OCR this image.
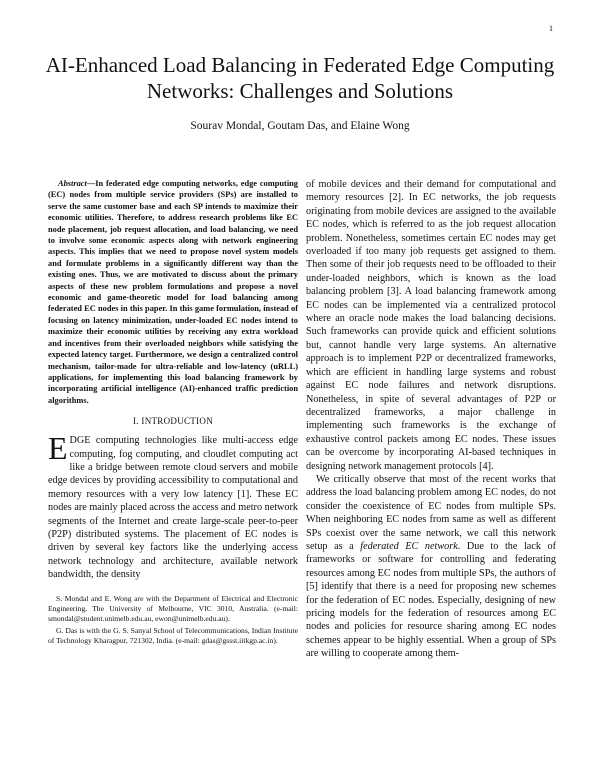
1
AI-Enhanced Load Balancing in Federated Edge Computing Networks: Challenges and Solutions
Sourav Mondal, Goutam Das, and Elaine Wong

Abstract—In federated edge computing networks, edge computing (EC) nodes from multiple service providers (SPs) are installed to serve the same customer base and each SP intends to maximize their economic utilities. Therefore, to address research problems like EC node placement, job request allocation, and load balancing, we need to involve some economic aspects along with network engineering aspects. This implies that we need to propose novel system models and formulate problems in a significantly different way than the existing ones. Thus, we are motivated to discuss about the primary aspects of these new problem formulations and propose a novel economic and game-theoretic model for load balancing among federated EC nodes in this paper. In this game formulation, instead of focusing on latency minimization, under-loaded EC nodes intend to maximize their economic utilities by receiving any extra workload and incentives from their overloaded neighbors while satisfying the expected latency target. Furthermore, we design a centralized control mechanism, tailor-made for ultra-reliable and low-latency (uRLL) applications, for implementing this load balancing framework by incorporating artificial intelligence (AI)-enhanced traffic prediction algorithms.

I. INTRODUCTION

EDGE computing technologies like multi-access edge computing, fog computing, and cloudlet computing act like a bridge between remote cloud servers and mobile edge devices by providing accessibility to computational and memory resources with a very low latency [1]. These EC nodes are mainly placed across the access and metro network segments of the Internet and create large-scale peer-to-peer (P2P) distributed systems. The placement of EC nodes is driven by several key factors like the underlying access network technology and architecture, available network bandwidth, the density

S. Mondal and E. Wong are with the Department of Electrical and Electronic Engineering, The University of Melbourne, VIC 3010, Australia. (e-mail: smondal@student.unimelb.edu.au, ewon@unimelb.edu.au).

G. Das is with the G. S. Sanyal School of Telecommunications, Indian Institute of Technology Kharagpur, 721302, India. (e-mail: gdas@gssst.iitkgp.ac.in).

of mobile devices and their demand for computational and memory resources [2]. In EC networks, the job requests originating from mobile devices are assigned to the available EC nodes, which is referred to as the job request allocation problem. Nonetheless, sometimes certain EC nodes may get overloaded if too many job requests get assigned to them. Then some of their job requests need to be offloaded to their under-loaded neighbors, which is known as the load balancing problem [3]. A load balancing framework among EC nodes can be implemented via a centralized protocol where an oracle node makes the load balancing decisions. Such frameworks can provide quick and efficient solutions but, cannot handle very large systems. An alternative approach is to implement P2P or decentralized frameworks, which are efficient in handling large systems and robust against EC node failures and network disruptions. Nonetheless, in spite of several advantages of P2P or decentralized frameworks, a major challenge in implementing such frameworks is the exchange of exhaustive control packets among EC nodes. These issues can be overcome by incorporating AI-based techniques in designing network management protocols [4].

We critically observe that most of the recent works that address the load balancing problem among EC nodes, do not consider the coexistence of EC nodes from multiple SPs. When neighboring EC nodes from same as well as different SPs coexist over the same network, we call this network setup as a federated EC network. Due to the lack of frameworks or software for controlling and federating resources among EC nodes from multiple SPs, the authors of [5] identify that there is a need for proposing new schemes for the federation of EC nodes. Especially, designing of new pricing models for the federation of resources among EC nodes and policies for resource sharing among EC nodes schemes appear to be highly essential. When a group of SPs are willing to cooperate among them-
